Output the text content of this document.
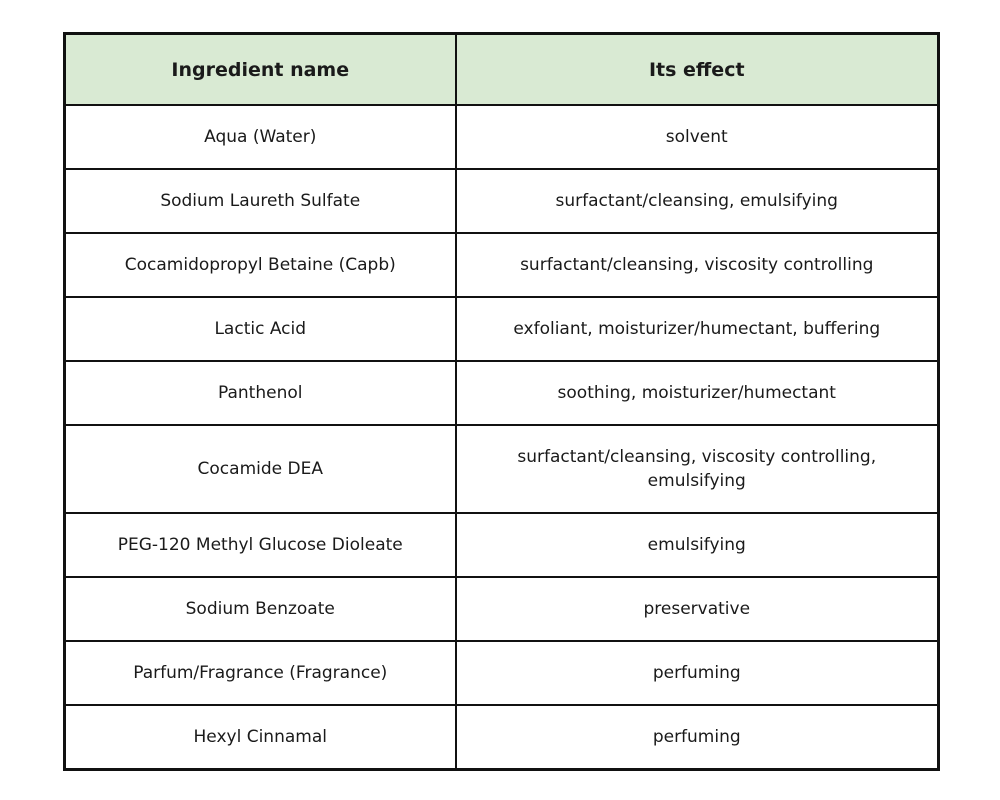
Ingredient name	Its effect
Aqua (Water)	solvent
Sodium Laureth Sulfate	surfactant/cleansing, emulsifying
Cocamidopropyl Betaine (Capb)	surfactant/cleansing, viscosity controlling
Lactic Acid	exfoliant, moisturizer/humectant, buffering
Panthenol	soothing, moisturizer/humectant
Cocamide DEA	surfactant/cleansing, viscosity controlling, emulsifying
PEG-120 Methyl Glucose Dioleate	emulsifying
Sodium Benzoate	preservative
Parfum/Fragrance (Fragrance)	perfuming
Hexyl Cinnamal	perfuming
